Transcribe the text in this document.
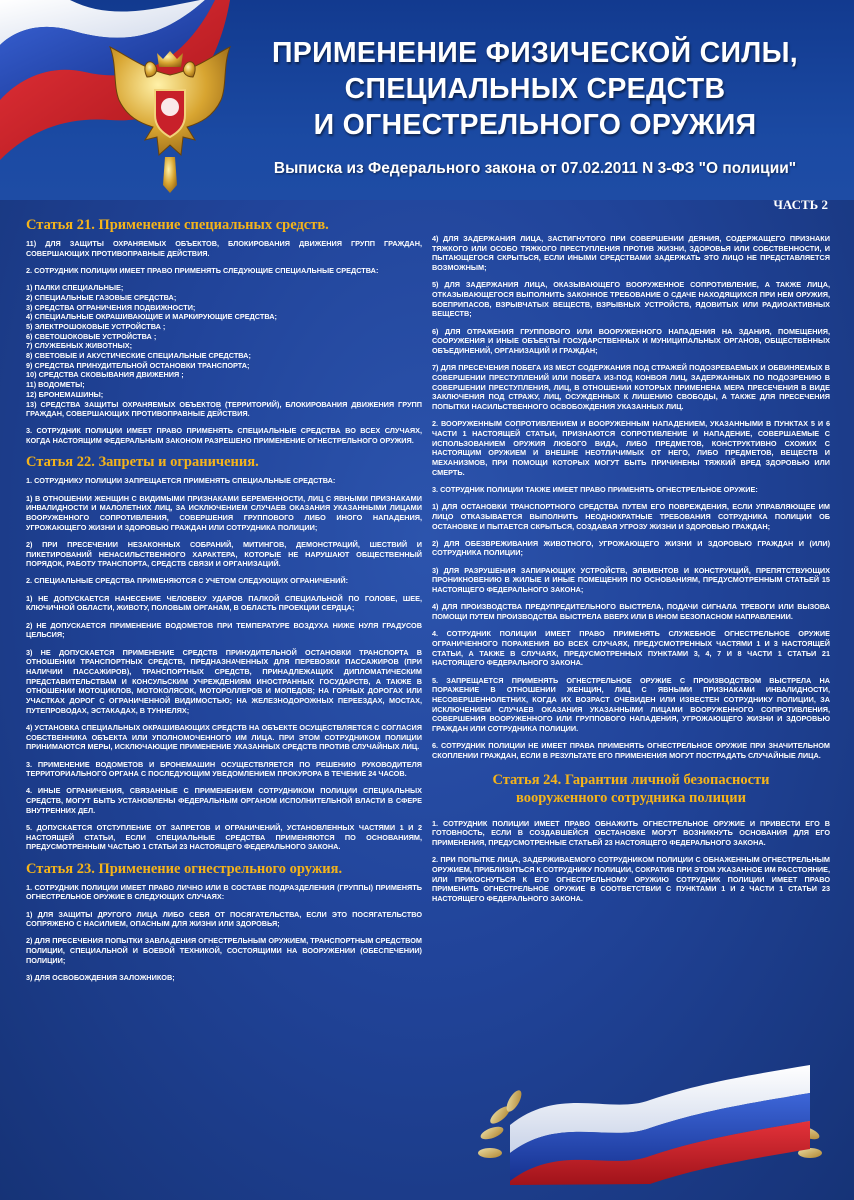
ПРИМЕНЕНИЕ ФИЗИЧЕСКОЙ СИЛЫ,
СПЕЦИАЛЬНЫХ СРЕДСТВ
И ОГНЕСТРЕЛЬНОГО ОРУЖИЯ
Выписка из Федерального закона от 07.02.2011 N 3-ФЗ "О полиции"
ЧАСТЬ 2
Статья 21. Применение специальных средств.

11) ДЛЯ ЗАЩИТЫ ОХРАНЯЕМЫХ ОБЪЕКТОВ, БЛОКИРОВАНИЯ ДВИЖЕНИЯ ГРУПП ГРАЖДАН, СОВЕРШАЮЩИХ ПРОТИВОПРАВНЫЕ ДЕЙСТВИЯ.

2. СОТРУДНИК ПОЛИЦИИ ИМЕЕТ ПРАВО ПРИМЕНЯТЬ СЛЕДУЮЩИЕ СПЕЦИАЛЬНЫЕ СРЕДСТВА:

1) ПАЛКИ СПЕЦИАЛЬНЫЕ;

2) СПЕЦИАЛЬНЫЕ ГАЗОВЫЕ СРЕДСТВА;

3) СРЕДСТВА ОГРАНИЧЕНИЯ ПОДВИЖНОСТИ;

4) СПЕЦИАЛЬНЫЕ ОКРАШИВАЮЩИЕ И МАРКИРУЮЩИЕ СРЕДСТВА;

5) ЭЛЕКТРОШОКОВЫЕ УСТРОЙСТВА ;

6) СВЕТОШОКОВЫЕ УСТРОЙСТВА ;

7) СЛУЖЕБНЫХ ЖИВОТНЫХ;

8) СВЕТОВЫЕ И АКУСТИЧЕСКИЕ СПЕЦИАЛЬНЫЕ СРЕДСТВА;

9) СРЕДСТВА ПРИНУДИТЕЛЬНОЙ ОСТАНОВКИ ТРАНСПОРТА;

10) СРЕДСТВА СКОВЫВАНИЯ ДВИЖЕНИЯ ;

11) ВОДОМЕТЫ;

12) БРОНЕМАШИНЫ;

13) СРЕДСТВА ЗАЩИТЫ ОХРАНЯЕМЫХ ОБЪЕКТОВ (ТЕРРИТОРИЙ), БЛОКИРОВАНИЯ ДВИЖЕНИЯ ГРУПП ГРАЖДАН, СОВЕРШАЮЩИХ ПРОТИВОПРАВНЫЕ ДЕЙСТВИЯ.

3. СОТРУДНИК ПОЛИЦИИ ИМЕЕТ ПРАВО ПРИМЕНЯТЬ СПЕЦИАЛЬНЫЕ СРЕДСТВА ВО ВСЕХ СЛУЧАЯХ, КОГДА НАСТОЯЩИМ ФЕДЕРАЛЬНЫМ ЗАКОНОМ РАЗРЕШЕНО ПРИМЕНЕНИЕ ОГНЕСТРЕЛЬНОГО ОРУЖИЯ.

Статья 22. Запреты и ограничения.

1. СОТРУДНИКУ ПОЛИЦИИ ЗАПРЕЩАЕТСЯ ПРИМЕНЯТЬ СПЕЦИАЛЬНЫЕ СРЕДСТВА:

1) В ОТНОШЕНИИ ЖЕНЩИН С ВИДИМЫМИ ПРИЗНАКАМИ БЕРЕМЕННОСТИ, ЛИЦ С ЯВНЫМИ ПРИЗНАКАМИ ИНВАЛИДНОСТИ И МАЛОЛЕТНИХ ЛИЦ, ЗА ИСКЛЮЧЕНИЕМ СЛУЧАЕВ ОКАЗАНИЯ УКАЗАННЫМИ ЛИЦАМИ ВООРУЖЕННОГО СОПРОТИВЛЕНИЯ, СОВЕРШЕНИЯ ГРУППОВОГО ЛИБО ИНОГО НАПАДЕНИЯ, УГРОЖАЮЩЕГО ЖИЗНИ И ЗДОРОВЬЮ ГРАЖДАН ИЛИ СОТРУДНИКА ПОЛИЦИИ;

2) ПРИ ПРЕСЕЧЕНИИ НЕЗАКОННЫХ СОБРАНИЙ, МИТИНГОВ, ДЕМОНСТРАЦИЙ, ШЕСТВИЙ И ПИКЕТИРОВАНИЙ НЕНАСИЛЬСТВЕННОГО ХАРАКТЕРА, КОТОРЫЕ НЕ НАРУШАЮТ ОБЩЕСТВЕННЫЙ ПОРЯДОК, РАБОТУ ТРАНСПОРТА, СРЕДСТВ СВЯЗИ И ОРГАНИЗАЦИЙ.

2. СПЕЦИАЛЬНЫЕ СРЕДСТВА ПРИМЕНЯЮТСЯ С УЧЕТОМ СЛЕДУЮЩИХ ОГРАНИЧЕНИЙ:

1) НЕ ДОПУСКАЕТСЯ НАНЕСЕНИЕ ЧЕЛОВЕКУ УДАРОВ ПАЛКОЙ СПЕЦИАЛЬНОЙ ПО ГОЛОВЕ, ШЕЕ, КЛЮЧИЧНОЙ ОБЛАСТИ, ЖИВОТУ, ПОЛОВЫМ ОРГАНАМ, В ОБЛАСТЬ ПРОЕКЦИИ СЕРДЦА;

2) НЕ ДОПУСКАЕТСЯ ПРИМЕНЕНИЕ ВОДОМЕТОВ ПРИ ТЕМПЕРАТУРЕ ВОЗДУХА НИЖЕ НУЛЯ ГРАДУСОВ ЦЕЛЬСИЯ;

3) НЕ ДОПУСКАЕТСЯ ПРИМЕНЕНИЕ СРЕДСТВ ПРИНУДИТЕЛЬНОЙ ОСТАНОВКИ ТРАНСПОРТА В ОТНОШЕНИИ ТРАНСПОРТНЫХ СРЕДСТВ, ПРЕДНАЗНАЧЕННЫХ ДЛЯ ПЕРЕВОЗКИ ПАССАЖИРОВ (ПРИ НАЛИЧИИ ПАССАЖИРОВ), ТРАНСПОРТНЫХ СРЕДСТВ, ПРИНАДЛЕЖАЩИХ ДИПЛОМАТИЧЕСКИМ ПРЕДСТАВИТЕЛЬСТВАМ И КОНСУЛЬСКИМ УЧРЕЖДЕНИЯМ ИНОСТРАННЫХ ГОСУДАРСТВ, А ТАКЖЕ В ОТНОШЕНИИ МОТОЦИКЛОВ, МОТОКОЛЯСОК, МОТОРОЛЛЕРОВ И МОПЕДОВ; НА ГОРНЫХ ДОРОГАХ ИЛИ УЧАСТКАХ ДОРОГ С ОГРАНИЧЕННОЙ ВИДИМОСТЬЮ; НА ЖЕЛЕЗНОДОРОЖНЫХ ПЕРЕЕЗДАХ, МОСТАХ, ПУТЕПРОВОДАХ, ЭСТАКАДАХ, В ТУННЕЛЯХ;

4) УСТАНОВКА СПЕЦИАЛЬНЫХ ОКРАШИВАЮЩИХ СРЕДСТВ НА ОБЪЕКТЕ ОСУЩЕСТВЛЯЕТСЯ С СОГЛАСИЯ СОБСТВЕННИКА ОБЪЕКТА ИЛИ УПОЛНОМОЧЕННОГО ИМ ЛИЦА. ПРИ ЭТОМ СОТРУДНИКОМ ПОЛИЦИИ ПРИНИМАЮТСЯ МЕРЫ, ИСКЛЮЧАЮЩИЕ ПРИМЕНЕНИЕ УКАЗАННЫХ СРЕДСТВ ПРОТИВ СЛУЧАЙНЫХ ЛИЦ.

3. ПРИМЕНЕНИЕ ВОДОМЕТОВ И БРОНЕМАШИН ОСУЩЕСТВЛЯЕТСЯ ПО РЕШЕНИЮ РУКОВОДИТЕЛЯ ТЕРРИТОРИАЛЬНОГО ОРГАНА С ПОСЛЕДУЮЩИМ УВЕДОМЛЕНИЕМ ПРОКУРОРА В ТЕЧЕНИЕ 24 ЧАСОВ.

4. ИНЫЕ ОГРАНИЧЕНИЯ, СВЯЗАННЫЕ С ПРИМЕНЕНИЕМ СОТРУДНИКОМ ПОЛИЦИИ СПЕЦИАЛЬНЫХ СРЕДСТВ, МОГУТ БЫТЬ УСТАНОВЛЕНЫ ФЕДЕРАЛЬНЫМ ОРГАНОМ ИСПОЛНИТЕЛЬНОЙ ВЛАСТИ В СФЕРЕ ВНУТРЕННИХ ДЕЛ.

5. ДОПУСКАЕТСЯ ОТСТУПЛЕНИЕ ОТ ЗАПРЕТОВ И ОГРАНИЧЕНИЙ, УСТАНОВЛЕННЫХ ЧАСТЯМИ 1 И 2 НАСТОЯЩЕЙ СТАТЬИ, ЕСЛИ СПЕЦИАЛЬНЫЕ СРЕДСТВА ПРИМЕНЯЮТСЯ ПО ОСНОВАНИЯМ, ПРЕДУСМОТРЕННЫМ ЧАСТЬЮ 1 СТАТЬИ 23 НАСТОЯЩЕГО ФЕДЕРАЛЬНОГО ЗАКОНА.

Статья 23. Применение огнестрельного оружия.

1. СОТРУДНИК ПОЛИЦИИ ИМЕЕТ ПРАВО ЛИЧНО ИЛИ В СОСТАВЕ ПОДРАЗДЕЛЕНИЯ (ГРУППЫ) ПРИМЕНЯТЬ ОГНЕСТРЕЛЬНОЕ ОРУЖИЕ В СЛЕДУЮЩИХ СЛУЧАЯХ:

1) ДЛЯ ЗАЩИТЫ ДРУГОГО ЛИЦА ЛИБО СЕБЯ ОТ ПОСЯГАТЕЛЬСТВА, ЕСЛИ ЭТО ПОСЯГАТЕЛЬСТВО СОПРЯЖЕНО С НАСИЛИЕМ, ОПАСНЫМ ДЛЯ ЖИЗНИ ИЛИ ЗДОРОВЬЯ;

2) ДЛЯ ПРЕСЕЧЕНИЯ ПОПЫТКИ ЗАВЛАДЕНИЯ ОГНЕСТРЕЛЬНЫМ ОРУЖИЕМ, ТРАНСПОРТНЫМ СРЕДСТВОМ ПОЛИЦИИ, СПЕЦИАЛЬНОЙ И БОЕВОЙ ТЕХНИКОЙ, СОСТОЯЩИМИ НА ВООРУЖЕНИИ (ОБЕСПЕЧЕНИИ) ПОЛИЦИИ;

3) ДЛЯ ОСВОБОЖДЕНИЯ ЗАЛОЖНИКОВ;

4) ДЛЯ ЗАДЕРЖАНИЯ ЛИЦА, ЗАСТИГНУТОГО ПРИ СОВЕРШЕНИИ ДЕЯНИЯ, СОДЕРЖАЩЕГО ПРИЗНАКИ ТЯЖКОГО ИЛИ ОСОБО ТЯЖКОГО ПРЕСТУПЛЕНИЯ ПРОТИВ ЖИЗНИ, ЗДОРОВЬЯ ИЛИ СОБСТВЕННОСТИ, И ПЫТАЮЩЕГОСЯ СКРЫТЬСЯ, ЕСЛИ ИНЫМИ СРЕДСТВАМИ ЗАДЕРЖАТЬ ЭТО ЛИЦО НЕ ПРЕДСТАВЛЯЕТСЯ ВОЗМОЖНЫМ;

5) ДЛЯ ЗАДЕРЖАНИЯ ЛИЦА, ОКАЗЫВАЮЩЕГО ВООРУЖЕННОЕ СОПРОТИВЛЕНИЕ, А ТАКЖЕ ЛИЦА, ОТКАЗЫВАЮЩЕГОСЯ ВЫПОЛНИТЬ ЗАКОННОЕ ТРЕБОВАНИЕ О СДАЧЕ НАХОДЯЩИХСЯ ПРИ НЕМ ОРУЖИЯ, БОЕПРИПАСОВ, ВЗРЫВЧАТЫХ ВЕЩЕСТВ, ВЗРЫВНЫХ УСТРОЙСТВ, ЯДОВИТЫХ ИЛИ РАДИОАКТИВНЫХ ВЕЩЕСТВ;

6) ДЛЯ ОТРАЖЕНИЯ ГРУППОВОГО ИЛИ ВООРУЖЕННОГО НАПАДЕНИЯ НА ЗДАНИЯ, ПОМЕЩЕНИЯ, СООРУЖЕНИЯ И ИНЫЕ ОБЪЕКТЫ ГОСУДАРСТВЕННЫХ И МУНИЦИПАЛЬНЫХ ОРГАНОВ, ОБЩЕСТВЕННЫХ ОБЪЕДИНЕНИЙ, ОРГАНИЗАЦИЙ И ГРАЖДАН;

7) ДЛЯ ПРЕСЕЧЕНИЯ ПОБЕГА ИЗ МЕСТ СОДЕРЖАНИЯ ПОД СТРАЖЕЙ ПОДОЗРЕВАЕМЫХ И ОБВИНЯЕМЫХ В СОВЕРШЕНИИ ПРЕСТУПЛЕНИЙ ИЛИ ПОБЕГА ИЗ-ПОД КОНВОЯ ЛИЦ, ЗАДЕРЖАННЫХ ПО ПОДОЗРЕНИЮ В СОВЕРШЕНИИ ПРЕСТУПЛЕНИЯ, ЛИЦ, В ОТНОШЕНИИ КОТОРЫХ ПРИМЕНЕНА МЕРА ПРЕСЕЧЕНИЯ В ВИДЕ ЗАКЛЮЧЕНИЯ ПОД СТРАЖУ, ЛИЦ, ОСУЖДЕННЫХ К ЛИШЕНИЮ СВОБОДЫ, А ТАКЖЕ ДЛЯ ПРЕСЕЧЕНИЯ ПОПЫТКИ НАСИЛЬСТВЕННОГО ОСВОБОЖДЕНИЯ УКАЗАННЫХ ЛИЦ.

2. ВООРУЖЕННЫМ СОПРОТИВЛЕНИЕМ И ВООРУЖЕННЫМ НАПАДЕНИЕМ, УКАЗАННЫМИ В ПУНКТАХ 5 И 6 ЧАСТИ 1 НАСТОЯЩЕЙ СТАТЬИ, ПРИЗНАЮТСЯ СОПРОТИВЛЕНИЕ И НАПАДЕНИЕ, СОВЕРШАЕМЫЕ С ИСПОЛЬЗОВАНИЕМ ОРУЖИЯ ЛЮБОГО ВИДА, ЛИБО ПРЕДМЕТОВ, КОНСТРУКТИВНО СХОЖИХ С НАСТОЯЩИМ ОРУЖИЕМ И ВНЕШНЕ НЕОТЛИЧИМЫХ ОТ НЕГО, ЛИБО ПРЕДМЕТОВ, ВЕЩЕСТВ И МЕХАНИЗМОВ, ПРИ ПОМОЩИ КОТОРЫХ МОГУТ БЫТЬ ПРИЧИНЕНЫ ТЯЖКИЙ ВРЕД ЗДОРОВЬЮ ИЛИ СМЕРТЬ.

3. СОТРУДНИК ПОЛИЦИИ ТАКЖЕ ИМЕЕТ ПРАВО ПРИМЕНЯТЬ ОГНЕСТРЕЛЬНОЕ ОРУЖИЕ:

1) ДЛЯ ОСТАНОВКИ ТРАНСПОРТНОГО СРЕДСТВА ПУТЕМ ЕГО ПОВРЕЖДЕНИЯ, ЕСЛИ УПРАВЛЯЮЩЕЕ ИМ ЛИЦО ОТКАЗЫВАЕТСЯ ВЫПОЛНИТЬ НЕОДНОКРАТНЫЕ ТРЕБОВАНИЯ СОТРУДНИКА ПОЛИЦИИ ОБ ОСТАНОВКЕ И ПЫТАЕТСЯ СКРЫТЬСЯ, СОЗДАВАЯ УГРОЗУ ЖИЗНИ И ЗДОРОВЬЮ ГРАЖДАН;

2) ДЛЯ ОБЕЗВРЕЖИВАНИЯ ЖИВОТНОГО, УГРОЖАЮЩЕГО ЖИЗНИ И ЗДОРОВЬЮ ГРАЖДАН И (ИЛИ) СОТРУДНИКА ПОЛИЦИИ;

3) ДЛЯ РАЗРУШЕНИЯ ЗАПИРАЮЩИХ УСТРОЙСТВ, ЭЛЕМЕНТОВ И КОНСТРУКЦИЙ, ПРЕПЯТСТВУЮЩИХ ПРОНИКНОВЕНИЮ В ЖИЛЫЕ И ИНЫЕ ПОМЕЩЕНИЯ ПО ОСНОВАНИЯМ, ПРЕДУСМОТРЕННЫМ СТАТЬЕЙ 15 НАСТОЯЩЕГО ФЕДЕРАЛЬНОГО ЗАКОНА;

4) ДЛЯ ПРОИЗВОДСТВА ПРЕДУПРЕДИТЕЛЬНОГО ВЫСТРЕЛА, ПОДАЧИ СИГНАЛА ТРЕВОГИ ИЛИ ВЫЗОВА ПОМОЩИ ПУТЕМ ПРОИЗВОДСТВА ВЫСТРЕЛА ВВЕРХ ИЛИ В ИНОМ БЕЗОПАСНОМ НАПРАВЛЕНИИ.

4. СОТРУДНИК ПОЛИЦИИ ИМЕЕТ ПРАВО ПРИМЕНЯТЬ СЛУЖЕБНОЕ ОГНЕСТРЕЛЬНОЕ ОРУЖИЕ ОГРАНИЧЕННОГО ПОРАЖЕНИЯ ВО ВСЕХ СЛУЧАЯХ, ПРЕДУСМОТРЕННЫХ ЧАСТЯМИ 1 И 3 НАСТОЯЩЕЙ СТАТЬИ, А ТАКЖЕ В СЛУЧАЯХ, ПРЕДУСМОТРЕННЫХ ПУНКТАМИ 3, 4, 7 И 8 ЧАСТИ 1 СТАТЬИ 21 НАСТОЯЩЕГО ФЕДЕРАЛЬНОГО ЗАКОНА.

5. ЗАПРЕЩАЕТСЯ ПРИМЕНЯТЬ ОГНЕСТРЕЛЬНОЕ ОРУЖИЕ С ПРОИЗВОДСТВОМ ВЫСТРЕЛА НА ПОРАЖЕНИЕ В ОТНОШЕНИИ ЖЕНЩИН, ЛИЦ С ЯВНЫМИ ПРИЗНАКАМИ ИНВАЛИДНОСТИ, НЕСОВЕРШЕННОЛЕТНИХ, КОГДА ИХ ВОЗРАСТ ОЧЕВИДЕН ИЛИ ИЗВЕСТЕН СОТРУДНИКУ ПОЛИЦИИ, ЗА ИСКЛЮЧЕНИЕМ СЛУЧАЕВ ОКАЗАНИЯ УКАЗАННЫМИ ЛИЦАМИ ВООРУЖЕННОГО СОПРОТИВЛЕНИЯ, СОВЕРШЕНИЯ ВООРУЖЕННОГО ИЛИ ГРУППОВОГО НАПАДЕНИЯ, УГРОЖАЮЩЕГО ЖИЗНИ И ЗДОРОВЬЮ ГРАЖДАН ИЛИ СОТРУДНИКА ПОЛИЦИИ.

6. СОТРУДНИК ПОЛИЦИИ НЕ ИМЕЕТ ПРАВА ПРИМЕНЯТЬ ОГНЕСТРЕЛЬНОЕ ОРУЖИЕ ПРИ ЗНАЧИТЕЛЬНОМ СКОПЛЕНИИ ГРАЖДАН, ЕСЛИ В РЕЗУЛЬТАТЕ ЕГО ПРИМЕНЕНИЯ МОГУТ ПОСТРАДАТЬ СЛУЧАЙНЫЕ ЛИЦА.

Статья 24. Гарантии личной безопасности
вооруженного сотрудника полиции

1. СОТРУДНИК ПОЛИЦИИ ИМЕЕТ ПРАВО ОБНАЖИТЬ ОГНЕСТРЕЛЬНОЕ ОРУЖИЕ И ПРИВЕСТИ ЕГО В ГОТОВНОСТЬ, ЕСЛИ В СОЗДАВШЕЙСЯ ОБСТАНОВКЕ МОГУТ ВОЗНИКНУТЬ ОСНОВАНИЯ ДЛЯ ЕГО ПРИМЕНЕНИЯ, ПРЕДУСМОТРЕННЫЕ СТАТЬЕЙ 23 НАСТОЯЩЕГО ФЕДЕРАЛЬНОГО ЗАКОНА.

2. ПРИ ПОПЫТКЕ ЛИЦА, ЗАДЕРЖИВАЕМОГО СОТРУДНИКОМ ПОЛИЦИИ С ОБНАЖЕННЫМ ОГНЕСТРЕЛЬНЫМ ОРУЖИЕМ, ПРИБЛИЗИТЬСЯ К СОТРУДНИКУ ПОЛИЦИИ, СОКРАТИВ ПРИ ЭТОМ УКАЗАННОЕ ИМ РАССТОЯНИЕ, ИЛИ ПРИКОСНУТЬСЯ К ЕГО ОГНЕСТРЕЛЬНОМУ ОРУЖИЮ СОТРУДНИК ПОЛИЦИИ ИМЕЕТ ПРАВО ПРИМЕНИТЬ ОГНЕСТРЕЛЬНОЕ ОРУЖИЕ В СООТВЕТСТВИИ С ПУНКТАМИ 1 И 2 ЧАСТИ 1 СТАТЬИ 23 НАСТОЯЩЕГО ФЕДЕРАЛЬНОГО ЗАКОНА.
